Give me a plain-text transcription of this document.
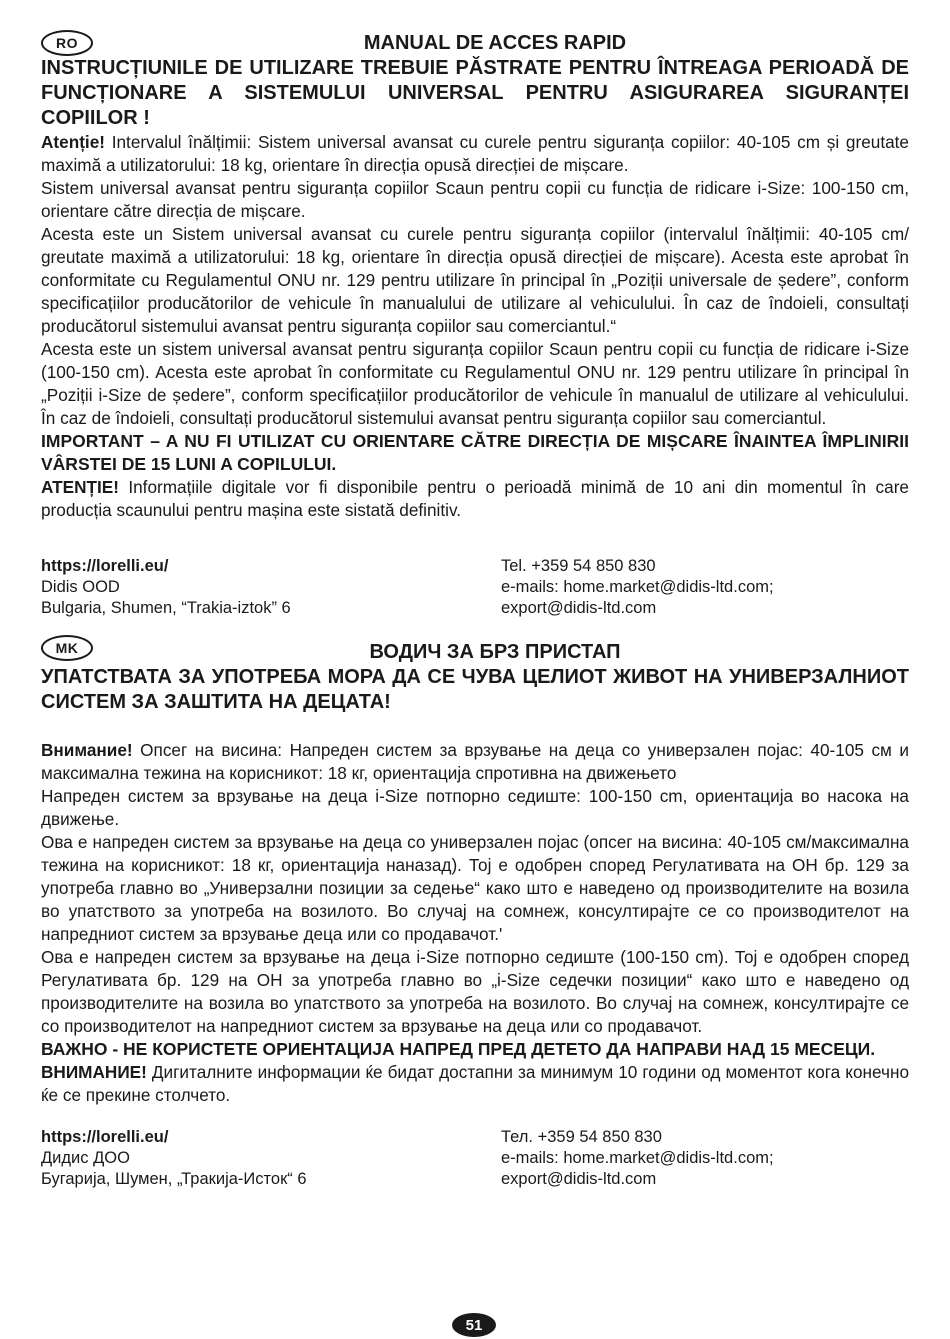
RO	MANUAL DE ACCES RAPID

INSTRUCȚIUNILE DE UTILIZARE TREBUIE PĂSTRATE PENTRU ÎNTREAGA PERIOADĂ DE FUNCȚIONARE A SISTEMULUI UNIVERSAL PENTRU ASIGURAREA SIGURANȚEI COPIILOR !

Atenție! Intervalul înălțimii: Sistem universal avansat cu curele pentru siguranța copiilor: 40-105 cm și greutate maximă a utilizatorului: 18 kg, orientare în direcția opusă direcției de mișcare.

Sistem universal avansat pentru siguranța copiilor Scaun pentru copii cu funcția de ridicare i-Size: 100-150 cm, orientare către direcția de mișcare.

Acesta este un Sistem universal avansat cu curele pentru siguranța copiilor (intervalul înălțimii: 40-105 cm/ greutate maximă a utilizatorului: 18 kg, orientare în direcția opusă direcției de mișcare). Acesta este aprobat în conformitate cu Regulamentul ONU nr. 129 pentru utilizare în principal în „Poziții universale de ședere”, conform specificațiilor producătorilor de vehicule în manualului de utilizare al vehiculului. În caz de îndoieli, consultați producătorul sistemului avansat pentru siguranța copiilor sau comerciantul.“

Acesta este un sistem universal avansat pentru siguranța copiilor Scaun pentru copii cu funcția de ridicare i-Size (100-150 cm). Acesta este aprobat în conformitate cu Regulamentul ONU nr. 129 pentru utilizare în principal în „Poziții i-Size de ședere”, conform specificațiilor producătorilor de vehicule în manualul de utilizare al vehiculului. În caz de îndoieli, consultați producătorul sistemului avansat pentru siguranța copiilor sau comerciantul.

IMPORTANT – A NU FI UTILIZAT CU ORIENTARE CĂTRE DIRECȚIA DE MIȘCARE ÎNAINTEA ÎMPLINIRII VÂRSTEI DE 15 LUNI A COPILULUI.

ATENȚIE! Informațiile digitale vor fi disponibile pentru o perioadă minimă de 10 ani din momentul în care producția scaunului pentru mașina este sistată definitiv.

https://lorelli.eu/	Tel. +359 54 850 830
Didis OOD	e-mails: home.market@didis-ltd.com;
Bulgaria, Shumen, “Trakia-iztok” 6	export@didis-ltd.com
MK	ВОДИЧ ЗА БРЗ ПРИСТАП

УПАТСТВАТА ЗА УПОТРЕБА МОРА ДА СЕ ЧУВА ЦЕЛИОТ ЖИВОТ НА УНИВЕРЗАЛНИОТ СИСТЕМ ЗА ЗАШТИТА НА ДЕЦАТА!

Внимание! Опсег на висина: Напреден систем за врзување на деца со универзален појас: 40-105 см и максимална тежина на корисникот: 18 кг, ориентација спротивна на движењето

Напреден систем за врзување на деца i-Size потпорно седиште: 100-150 cm, ориентација во насока на движење.

Ова е напреден систем за врзување на деца со универзален појас (опсег на висина: 40-105 см/максимална тежина на корисникот: 18 кг, ориентација наназад). Тој е одобрен според Регулативата на ОН бр. 129 за употреба главно во „Универзални позиции за седење“ како што е наведено од производителите на возила во упатството за употреба на возилото. Во случај на сомнеж, консултирајте се со производителот на напредниот систем за врзување деца или со продавачот.'

Ова е напреден систем за врзување на деца i-Size потпорно седиште (100-150 cm). Тој е одобрен според Регулативата бр. 129 на ОН за употреба главно во „i-Size седечки позиции“ како што е наведено од производителите на возила во упатството за употреба на возилото. Во случај на сомнеж, консултирајте се со производителот на напредниот систем за врзување на деца или со продавачот.

ВАЖНО - НЕ КОРИСТЕТЕ ОРИЕНТАЦИЈА НАПРЕД ПРЕД ДЕТЕТО ДА НАПРАВИ НАД 15 МЕСЕЦИ.

ВНИМАНИЕ! Дигиталните информации ќе бидат достапни за минимум 10 години од моментот кога конечно ќе се прекине столчето.

https://lorelli.eu/	Тел. +359 54 850 830
Дидис ДОО	e-mails: home.market@didis-ltd.com;
Бугарија, Шумен, „Тракија-Исток“ 6	export@didis-ltd.com
51
